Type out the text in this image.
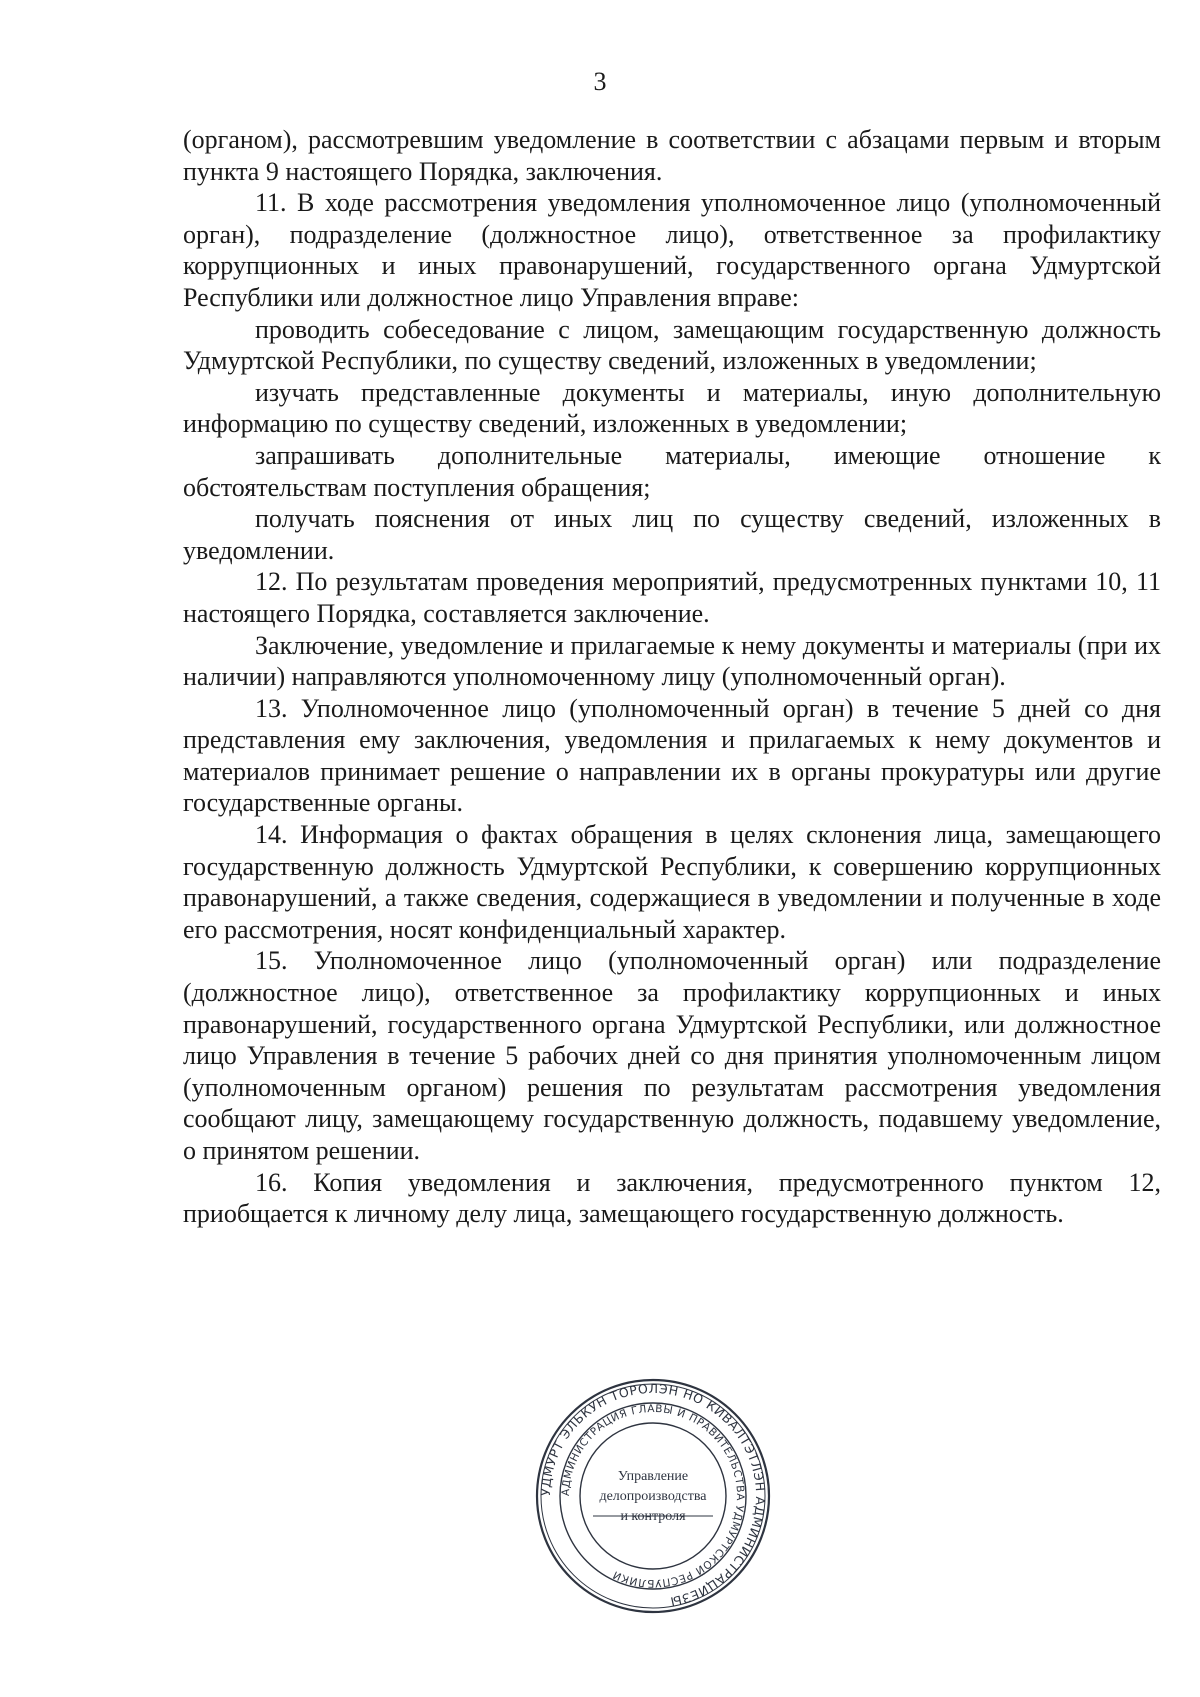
3

(органом), рассмотревшим уведомление в соответствии с абзацами первым и вторым пункта 9 настоящего Порядка, заключения.

11. В ходе рассмотрения уведомления уполномоченное лицо (уполномоченный орган), подразделение (должностное лицо), ответственное за профилактику коррупционных и иных правонарушений, государственного органа Удмуртской Республики или должностное лицо Управления вправе:

проводить собеседование с лицом, замещающим государственную должность Удмуртской Республики, по существу сведений, изложенных в уведомлении;

изучать представленные документы и материалы, иную дополнительную информацию по существу сведений, изложенных в уведомлении;

запрашивать дополнительные материалы, имеющие отношение к обстоятельствам поступления обращения;

получать пояснения от иных лиц по существу сведений, изложенных в уведомлении.

12. По результатам проведения мероприятий, предусмотренных пунктами 10, 11 настоящего Порядка, составляется заключение.

Заключение, уведомление и прилагаемые к нему документы и материалы (при их наличии) направляются уполномоченному лицу (уполномоченный орган).

13. Уполномоченное лицо (уполномоченный орган) в течение 5 дней со дня представления ему заключения, уведомления и прилагаемых к нему документов и материалов принимает решение о направлении их в органы прокуратуры или другие государственные органы.

14. Информация о фактах обращения в целях склонения лица, замещающего государственную должность Удмуртской Республики, к совершению коррупционных правонарушений, а также сведения, содержащиеся в уведомлении и полученные в ходе его рассмотрения, носят конфиденциальный характер.

15. Уполномоченное лицо (уполномоченный орган) или подразделение (должностное лицо), ответственное за профилактику коррупционных и иных правонарушений, государственного органа Удмуртской Республики, или должностное лицо Управления в течение 5 рабочих дней со дня принятия уполномоченным лицом (уполномоченным органом) решения по результатам рассмотрения уведомления сообщают лицу, замещающему государственную должность, подавшему уведомление, о принятом решении.

16. Копия уведомления и заключения, предусмотренного пунктом 12, приобщается к личному делу лица, замещающего государственную должность.

УДМУРТ ЭЛЬКУН ТОРОЛЭН НО КИВАЛТЭТЛЭН АДМИНИСТРАЦИЕЗЫ
АДМИНИСТРАЦИЯ ГЛАВЫ И ПРАВИТЕЛЬСТВА УДМУРТСКОЙ РЕСПУБЛИКИ
Управление
делопроизводства
и контроля
